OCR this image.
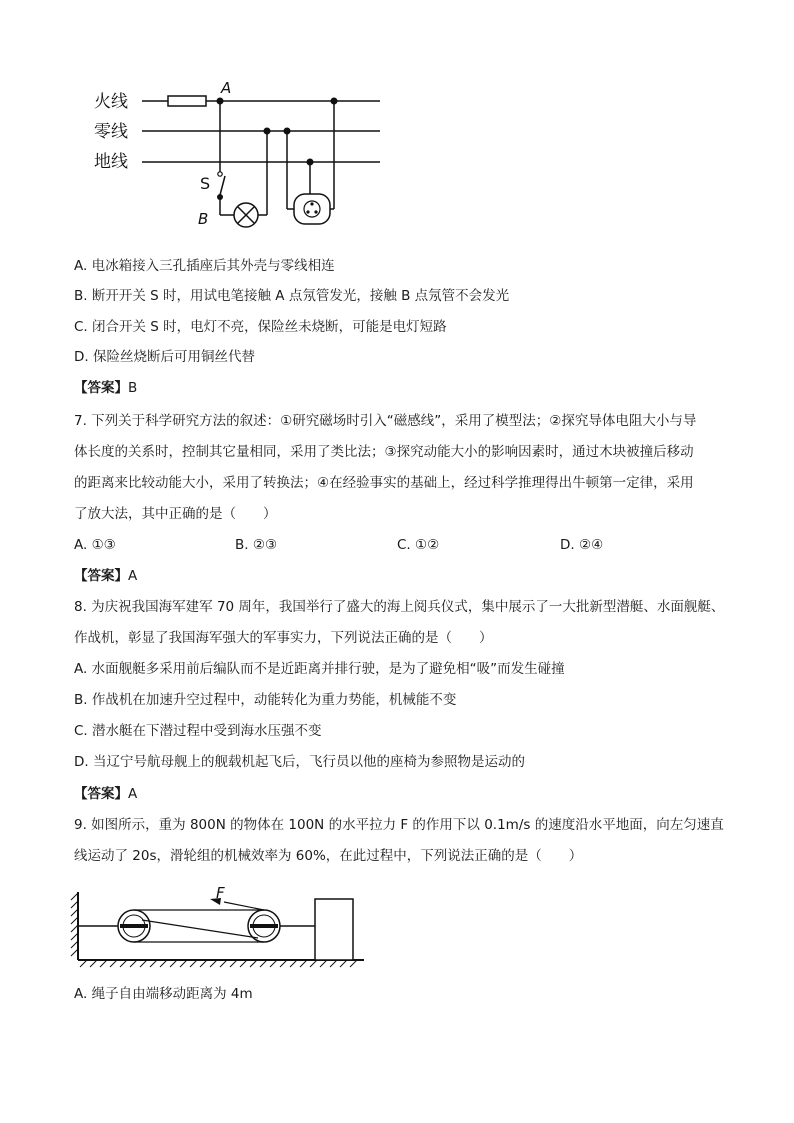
火线
零线
地线
A
S
B
A. 电冰箱接入三孔插座后其外壳与零线相连
B. 断开开关 S 时，用试电笔接触 A 点氖管发光，接触 B 点氖管不会发光
C. 闭合开关 S 时，电灯不亮，保险丝未烧断，可能是电灯短路
D. 保险丝烧断后可用铜丝代替
【答案】B
7. 下列关于科学研究方法的叙述：①研究磁场时引入“磁感线”，采用了模型法；②探究导体电阻大小与导
体长度的关系时，控制其它量相同，采用了类比法；③探究动能大小的影响因素时，通过木块被撞后移动
的距离来比较动能大小，采用了转换法；④在经验事实的基础上，经过科学推理得出牛顿第一定律，采用
了放大法，其中正确的是（　　）
A. ①③	B. ②③	C. ①②	D. ②④
【答案】A
8. 为庆祝我国海军建军 70 周年，我国举行了盛大的海上阅兵仪式，集中展示了一大批新型潜艇、水面舰艇、
作战机，彰显了我国海军强大的军事实力，下列说法正确的是（　　）
A. 水面舰艇多采用前后编队而不是近距离并排行驶，是为了避免相“吸”而发生碰撞
B. 作战机在加速升空过程中，动能转化为重力势能，机械能不变
C. 潜水艇在下潜过程中受到海水压强不变
D. 当辽宁号航母舰上的舰载机起飞后，飞行员以他的座椅为参照物是运动的
【答案】A
9. 如图所示，重为 800N 的物体在 100N 的水平拉力 F 的作用下以 0.1m/s 的速度沿水平地面，向左匀速直
线运动了 20s，滑轮组的机械效率为 60%，在此过程中，下列说法正确的是（　　）
F
A. 绳子自由端移动距离为 4m
